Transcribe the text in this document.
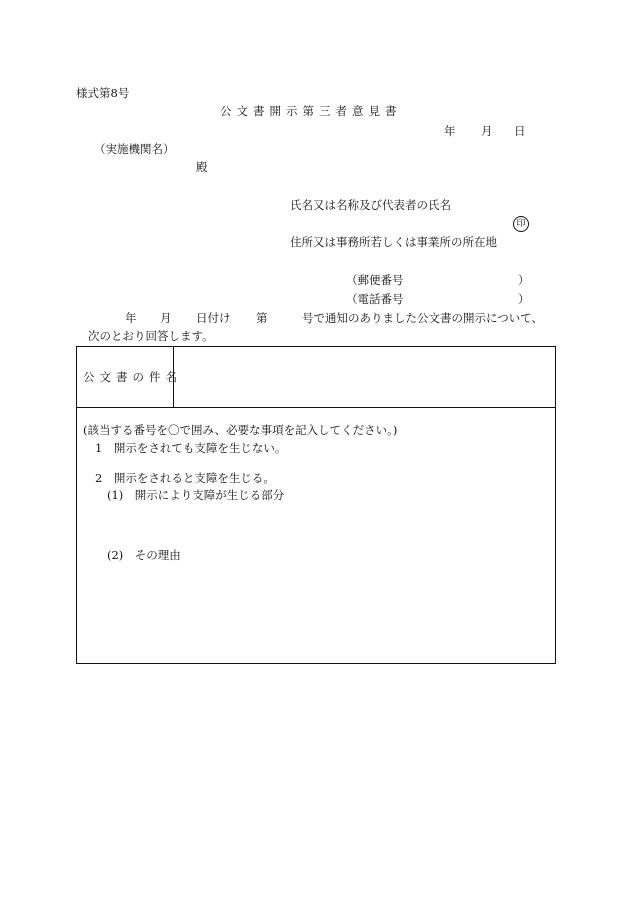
様式第8号
公文書開示第三者意見書
年 月 日
（実施機関名）
殿
氏名又は名称及び代表者の氏名
印
住所又は事務所若しくは事業所の所在地
（郵便番号	）
（電話番号	）
年 月 日付け 第	号で通知のありました公文書の開示について、
次のとおり回答します。
公文書の件名
(該当する番号を〇で囲み、必要な事項を記入してください。)
1　開示をされても支障を生じない。
2　開示をされると支障を生じる。
(1)　開示により支障が生じる部分
(2)　その理由
